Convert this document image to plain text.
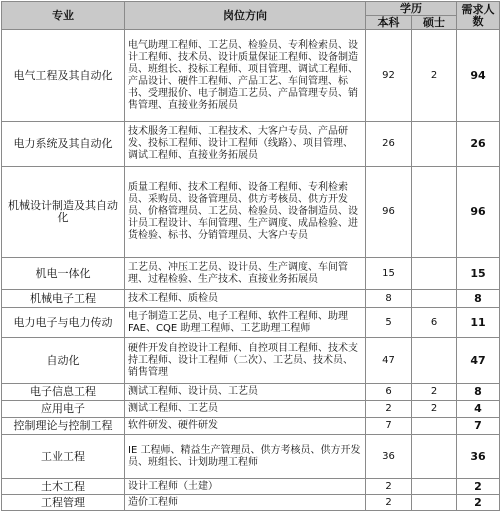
专业	岗位方向	学历		需求人数
		本科	硕士	
电气工程及其自动化	电气助理工程师、工艺员、检验员、专利检索员、设计工程师、技术员、设计质量保证工程师、设备制造员、班组长、投标工程师、项目管理、调试工程师、产品设计、硬件工程师、产品工艺、车间管理、标书、受理报价、电子制造工艺员、产品管理专员、销售管理、直接业务拓展员	92	2	94
电力系统及其自动化	技术服务工程师、工程技术、大客户专员、产品研发、投标工程师、设计工程师（线路）、项目管理、调试工程师、直接业务拓展员	26		26
机械设计制造及其自动化	质量工程师、技术工程师、设备工程师、专利检索员、采购员、设备管理员、供方考核员、供方开发员、价格管理员、工艺员、检验员、设备制造员、设计员工程设计、车间管理、生产调度、成品检验、进货检验、标书、分销管理员、大客户专员	96		96
机电一体化	工艺员、冲压工艺员、设计员、生产调度、车间管理、过程检验、生产技术、直接业务拓展员	15		15
机械电子工程	技术工程师、质检员	8		8
电力电子与电力传动	电子制造工艺员、电子工程师、软件工程师、助理 FAE、CQE 助理工程师、工艺助理工程师	5	6	11
自动化	硬件开发自控设计工程师、自控项目工程师、技术支持工程师、设计工程师（二次）、工艺员、技术员、销售管理	47		47
电子信息工程	测试工程师、设计员、工艺员	6	2	8
应用电子	测试工程师、工艺员	2	2	4
控制理论与控制工程	软件研发、硬件研发	7		7
工业工程	IE 工程师、精益生产管理员、供方考核员、供方开发员、班组长、计划助理工程师	36		36
土木工程	设计工程师（土建）	2		2
工程管理	造价工程师	2		2
